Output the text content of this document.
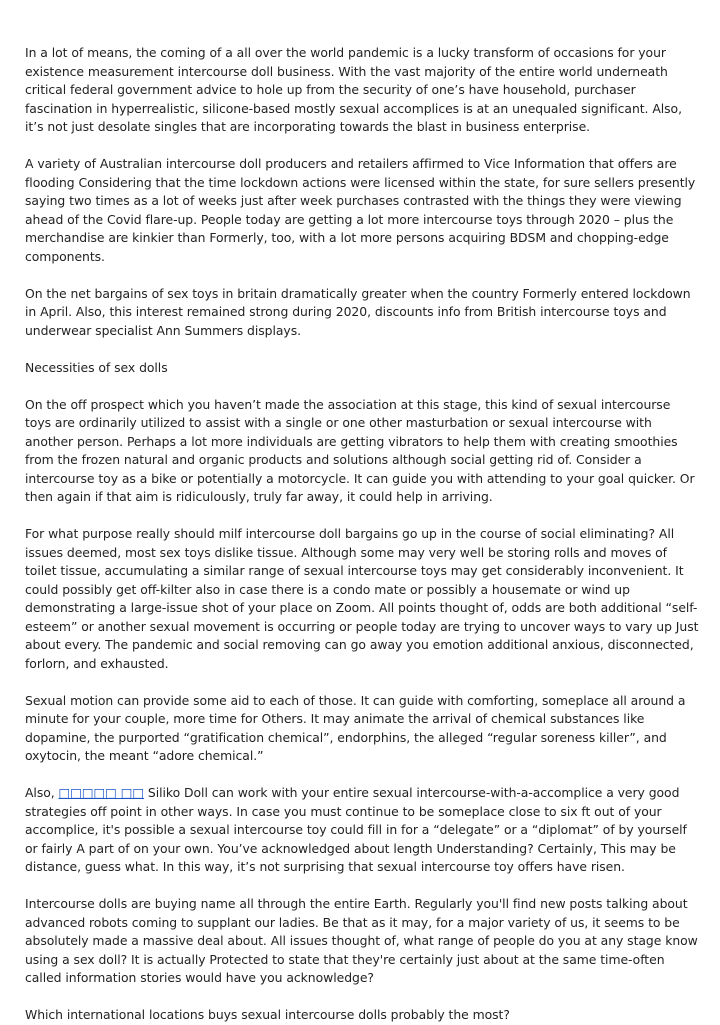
In a lot of means, the coming of a all over the world pandemic is a lucky transform of occasions for your existence measurement intercourse doll business. With the vast majority of the entire world underneath critical federal government advice to hole up from the security of one’s have household, purchaser fascination in hyperrealistic, silicone-based mostly sexual accomplices is at an unequaled significant. Also, it’s not just desolate singles that are incorporating towards the blast in business enterprise.

A variety of Australian intercourse doll producers and retailers affirmed to Vice Information that offers are flooding Considering that the time lockdown actions were licensed within the state, for sure sellers presently saying two times as a lot of weeks just after week purchases contrasted with the things they were viewing ahead of the Covid flare-up. People today are getting a lot more intercourse toys through 2020 – plus the merchandise are kinkier than Formerly, too, with a lot more persons acquiring BDSM and chopping-edge components.

On the net bargains of sex toys in britain dramatically greater when the country Formerly entered lockdown in April. Also, this interest remained strong during 2020, discounts info from British intercourse toys and underwear specialist Ann Summers displays.

Necessities of sex dolls

On the off prospect which you haven’t made the association at this stage, this kind of sexual intercourse toys are ordinarily utilized to assist with a single or one other masturbation or sexual intercourse with another person. Perhaps a lot more individuals are getting vibrators to help them with creating smoothies from the frozen natural and organic products and solutions although social getting rid of. Consider a intercourse toy as a bike or potentially a motorcycle. It can guide you with attending to your goal quicker. Or then again if that aim is ridiculously, truly far away, it could help in arriving.

For what purpose really should milf intercourse doll bargains go up in the course of social eliminating? All issues deemed, most sex toys dislike tissue. Although some may very well be storing rolls and moves of toilet tissue, accumulating a similar range of sexual intercourse toys may get considerably inconvenient. It could possibly get off-kilter also in case there is a condo mate or possibly a housemate or wind up demonstrating a large-issue shot of your place on Zoom. All points thought of, odds are both additional “self-esteem” or another sexual movement is occurring or people today are trying to uncover ways to vary up Just about every. The pandemic and social removing can go away you emotion additional anxious, disconnected, forlorn, and exhausted.

Sexual motion can provide some aid to each of those. It can guide with comforting, someplace all around a minute for your couple, more time for Others. It may animate the arrival of chemical substances like dopamine, the purported “gratification chemical”, endorphins, the alleged “regular soreness killer”, and oxytocin, the meant “adore chemical.”

Also, □□□□□ □□ Siliko Doll can work with your entire sexual intercourse-with-a-accomplice a very good strategies off point in other ways. In case you must continue to be someplace close to six ft out of your accomplice, it's possible a sexual intercourse toy could fill in for a “delegate” or a “diplomat” of by yourself or fairly A part of on your own. You’ve acknowledged about length Understanding? Certainly, This may be distance, guess what. In this way, it’s not surprising that sexual intercourse toy offers have risen.

Intercourse dolls are buying name all through the entire Earth. Regularly you'll find new posts talking about advanced robots coming to supplant our ladies. Be that as it may, for a major variety of us, it seems to be absolutely made a massive deal about. All issues thought of, what range of people do you at any stage know using a sex doll? It is actually Protected to state that they're certainly just about at the same time-often called information stories would have you acknowledge?

Which international locations buys sexual intercourse dolls probably the most?
